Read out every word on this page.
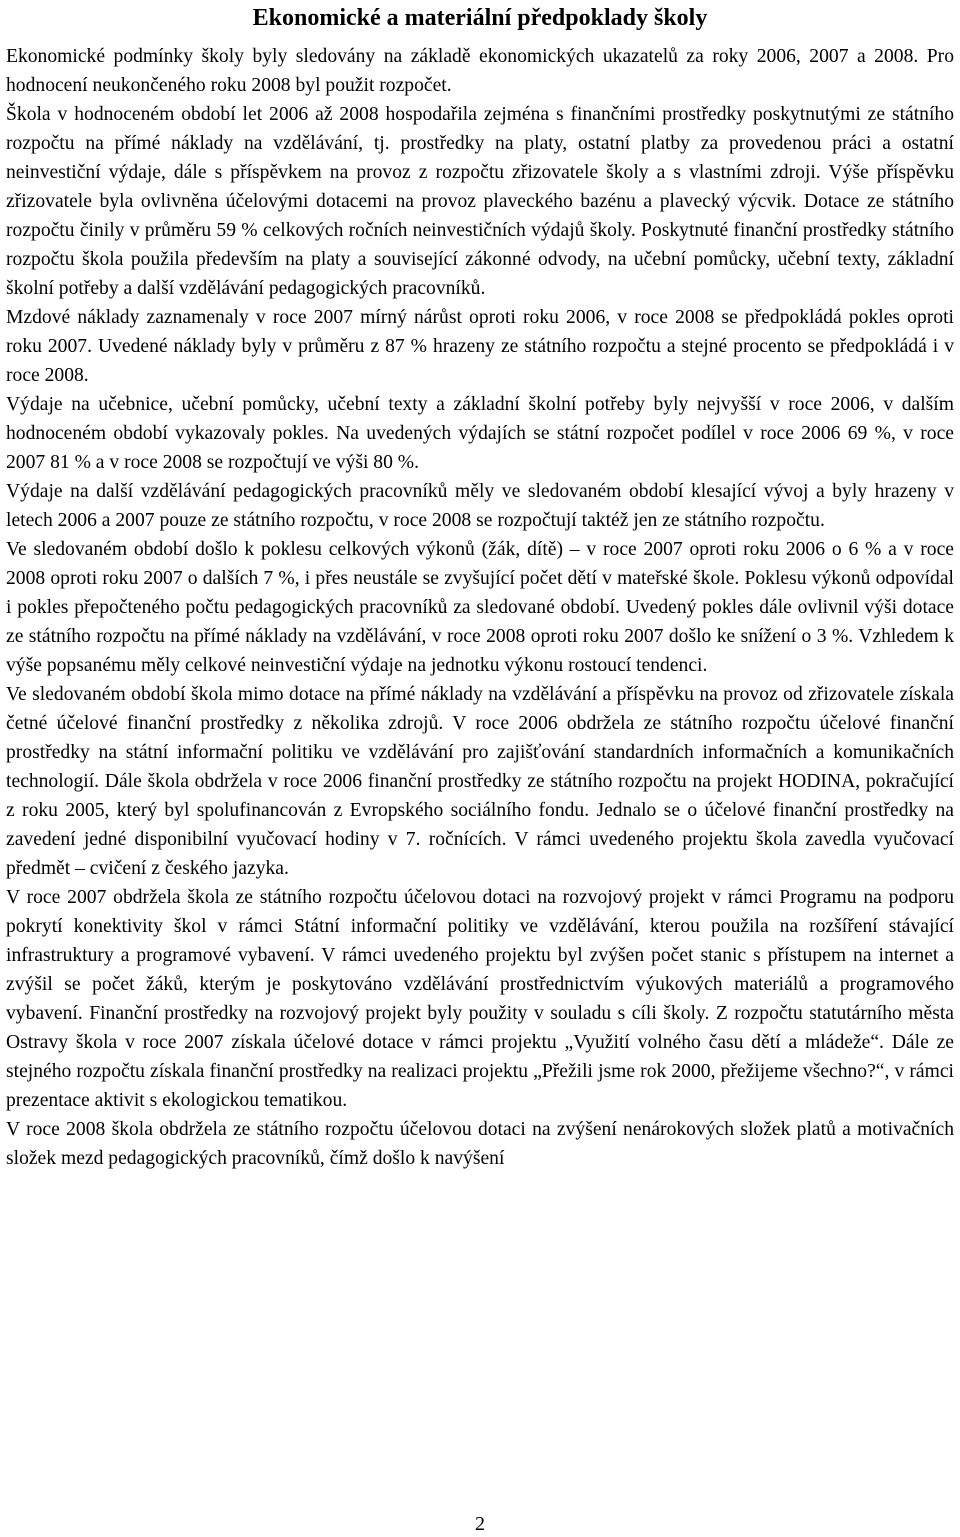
Ekonomické a materiální předpoklady školy

Ekonomické podmínky školy byly sledovány na základě ekonomických ukazatelů za roky 2006, 2007 a 2008. Pro hodnocení neukončeného roku 2008 byl použit rozpočet.

Škola v hodnoceném období let 2006 až 2008 hospodařila zejména s finančními prostředky poskytnutými ze státního rozpočtu na přímé náklady na vzdělávání, tj. prostředky na platy, ostatní platby za provedenou práci a ostatní neinvestiční výdaje, dále s příspěvkem na provoz z rozpočtu zřizovatele školy a s vlastními zdroji. Výše příspěvku zřizovatele byla ovlivněna účelovými dotacemi na provoz plaveckého bazénu a plavecký výcvik. Dotace ze státního rozpočtu činily v průměru 59 % celkových ročních neinvestičních výdajů školy. Poskytnuté finanční prostředky státního rozpočtu škola použila především na platy a související zákonné odvody, na učební pomůcky, učební texty, základní školní potřeby a další vzdělávání pedagogických pracovníků.

Mzdové náklady zaznamenaly v roce 2007 mírný nárůst oproti roku 2006, v roce 2008 se předpokládá pokles oproti roku 2007. Uvedené náklady byly v průměru z 87 % hrazeny ze státního rozpočtu a stejné procento se předpokládá i v roce 2008.

Výdaje na učebnice, učební pomůcky, učební texty a základní školní potřeby byly nejvyšší v roce 2006, v dalším hodnoceném období vykazovaly pokles. Na uvedených výdajích se státní rozpočet podílel v roce 2006 69 %, v roce 2007 81 % a v roce 2008 se rozpočtují ve výši 80 %.

Výdaje na další vzdělávání pedagogických pracovníků měly ve sledovaném období klesající vývoj a byly hrazeny v letech 2006 a 2007 pouze ze státního rozpočtu, v roce 2008 se rozpočtují taktéž jen ze státního rozpočtu.

Ve sledovaném období došlo k poklesu celkových výkonů (žák, dítě) – v roce 2007 oproti roku 2006 o 6 % a v roce 2008 oproti roku 2007 o dalších 7 %, i přes neustále se zvyšující počet dětí v mateřské škole. Poklesu výkonů odpovídal i pokles přepočteného počtu pedagogických pracovníků za sledované období. Uvedený pokles dále ovlivnil výši dotace ze státního rozpočtu na přímé náklady na vzdělávání, v roce 2008 oproti roku 2007 došlo ke snížení o 3 %. Vzhledem k výše popsanému měly celkové neinvestiční výdaje na jednotku výkonu rostoucí tendenci.

Ve sledovaném období škola mimo dotace na přímé náklady na vzdělávání a příspěvku na provoz od zřizovatele získala četné účelové finanční prostředky z několika zdrojů. V roce 2006 obdržela ze státního rozpočtu účelové finanční prostředky na státní informační politiku ve vzdělávání pro zajišťování standardních informačních a komunikačních technologií. Dále škola obdržela v roce 2006 finanční prostředky ze státního rozpočtu na projekt HODINA, pokračující z roku 2005, který byl spolufinancován z Evropského sociálního fondu. Jednalo se o účelové finanční prostředky na zavedení jedné disponibilní vyučovací hodiny v 7. ročnících. V rámci uvedeného projektu škola zavedla vyučovací předmět – cvičení z českého jazyka.

V roce 2007 obdržela škola ze státního rozpočtu účelovou dotaci na rozvojový projekt v rámci Programu na podporu pokrytí konektivity škol v rámci Státní informační politiky ve vzdělávání, kterou použila na rozšíření stávající infrastruktury a programové vybavení. V rámci uvedeného projektu byl zvýšen počet stanic s přístupem na internet a zvýšil se počet žáků, kterým je poskytováno vzdělávání prostřednictvím výukových materiálů a programového vybavení. Finanční prostředky na rozvojový projekt byly použity v souladu s cíli školy. Z rozpočtu statutárního města Ostravy škola v roce 2007 získala účelové dotace v rámci projektu „Využití volného času dětí a mládeže“. Dále ze stejného rozpočtu získala finanční prostředky na realizaci projektu „Přežili jsme rok 2000, přežijeme všechno?“, v rámci prezentace aktivit s ekologickou tematikou.

V roce 2008 škola obdržela ze státního rozpočtu účelovou dotaci na zvýšení nenárokových složek platů a motivačních složek mezd pedagogických pracovníků, čímž došlo k navýšení

2
